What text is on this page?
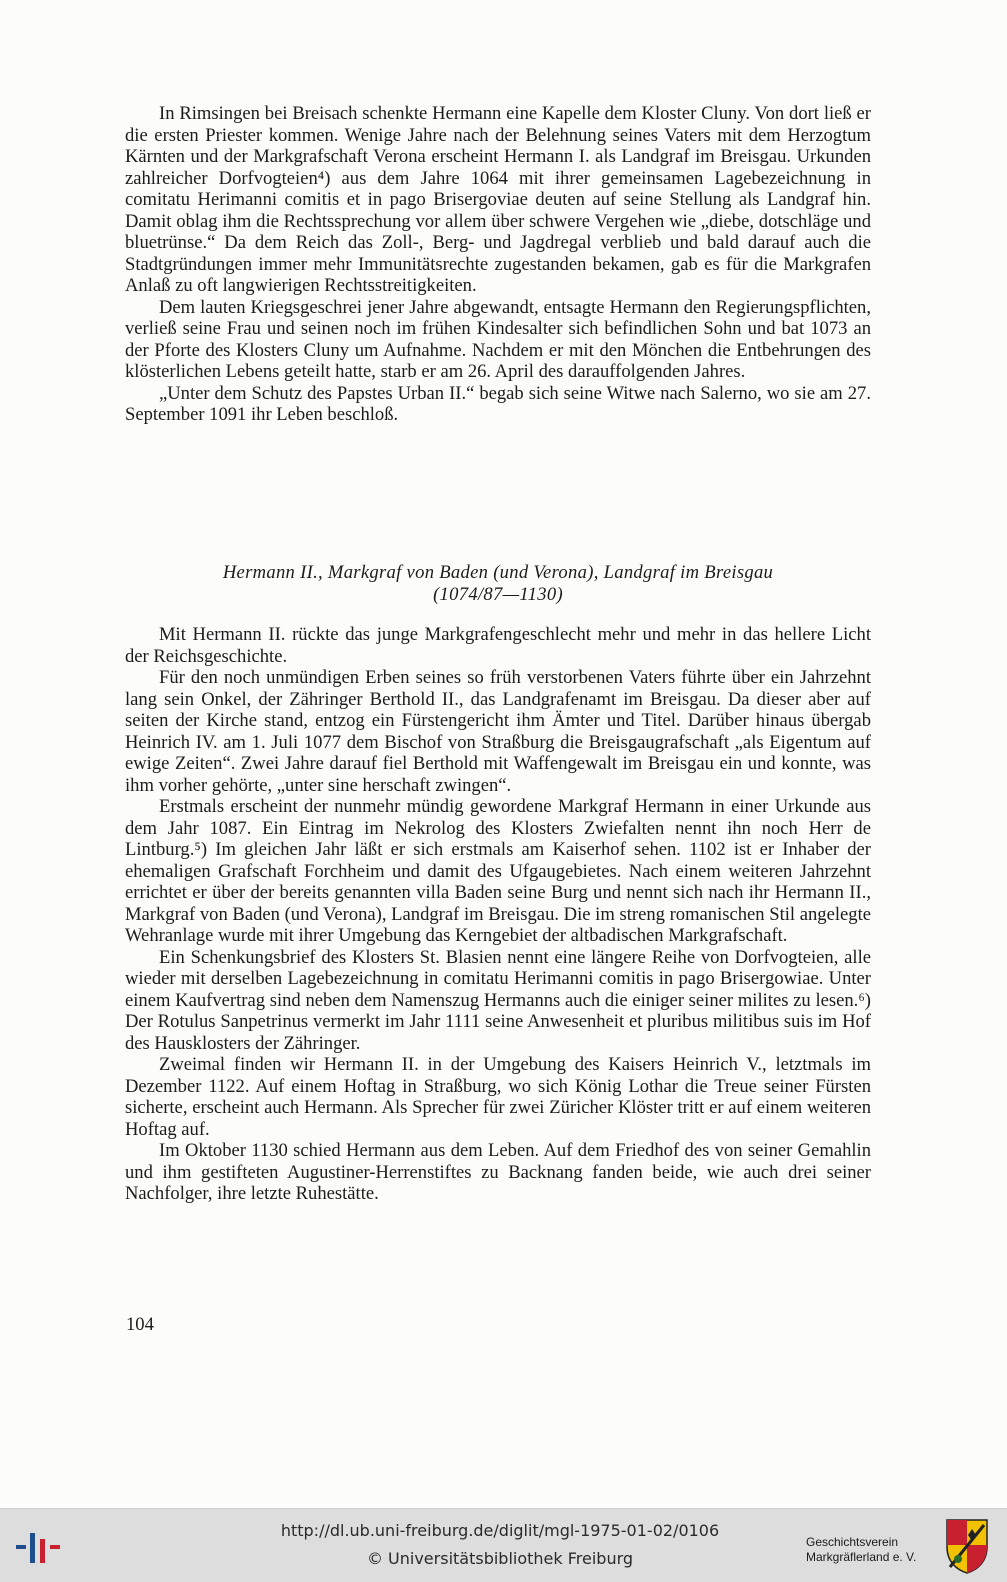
In Rimsingen bei Breisach schenkte Hermann eine Kapelle dem Kloster Cluny. Von dort ließ er die ersten Priester kommen. Wenige Jahre nach der Belehnung seines Vaters mit dem Herzogtum Kärnten und der Markgrafschaft Verona erscheint Hermann I. als Landgraf im Breisgau. Urkunden zahlreicher Dorfvogteien⁴) aus dem Jahre 1064 mit ihrer gemeinsamen Lagebezeichnung in comitatu Herimanni comitis et in pago Brisergoviae deuten auf seine Stellung als Landgraf hin. Damit oblag ihm die Rechtssprechung vor allem über schwere Vergehen wie „diebe, dotschläge und bluetrünse.“ Da dem Reich das Zoll-, Berg- und Jagdregal verblieb und bald darauf auch die Stadtgründungen immer mehr Immunitätsrechte zugestanden bekamen, gab es für die Markgrafen Anlaß zu oft langwierigen Rechtsstreitigkeiten.

Dem lauten Kriegsgeschrei jener Jahre abgewandt, entsagte Hermann den Regierungspflichten, verließ seine Frau und seinen noch im frühen Kindesalter sich befindlichen Sohn und bat 1073 an der Pforte des Klosters Cluny um Aufnahme. Nachdem er mit den Mönchen die Entbehrungen des klösterlichen Lebens geteilt hatte, starb er am 26. April des darauffolgenden Jahres.

„Unter dem Schutz des Papstes Urban II.“ begab sich seine Witwe nach Salerno, wo sie am 27. September 1091 ihr Leben beschloß.

Hermann II., Markgraf von Baden (und Verona), Landgraf im Breisgau
(1074/87—1130)

Mit Hermann II. rückte das junge Markgrafengeschlecht mehr und mehr in das hellere Licht der Reichsgeschichte.

Für den noch unmündigen Erben seines so früh verstorbenen Vaters führte über ein Jahrzehnt lang sein Onkel, der Zähringer Berthold II., das Landgrafenamt im Breisgau. Da dieser aber auf seiten der Kirche stand, entzog ein Fürstengericht ihm Ämter und Titel. Darüber hinaus übergab Heinrich IV. am 1. Juli 1077 dem Bischof von Straßburg die Breisgaugrafschaft „als Eigentum auf ewige Zeiten“. Zwei Jahre darauf fiel Berthold mit Waffengewalt im Breisgau ein und konnte, was ihm vorher gehörte, „unter sine herschaft zwingen“.

Erstmals erscheint der nunmehr mündig gewordene Markgraf Hermann in einer Urkunde aus dem Jahr 1087. Ein Eintrag im Nekrolog des Klosters Zwiefalten nennt ihn noch Herr de Lintburg.⁵) Im gleichen Jahr läßt er sich erstmals am Kaiserhof sehen. 1102 ist er Inhaber der ehemaligen Grafschaft Forchheim und damit des Ufgaugebietes. Nach einem weiteren Jahrzehnt errichtet er über der bereits genannten villa Baden seine Burg und nennt sich nach ihr Hermann II., Markgraf von Baden (und Verona), Landgraf im Breisgau. Die im streng romanischen Stil angelegte Wehranlage wurde mit ihrer Umgebung das Kerngebiet der altbadischen Markgrafschaft.

Ein Schenkungsbrief des Klosters St. Blasien nennt eine längere Reihe von Dorfvogteien, alle wieder mit derselben Lagebezeichnung in comitatu Herimanni comitis in pago Brisergowiae. Unter einem Kaufvertrag sind neben dem Namenszug Hermanns auch die einiger seiner milites zu lesen.⁶) Der Rotulus Sanpetrinus vermerkt im Jahr 1111 seine Anwesenheit et pluribus militibus suis im Hof des Hausklosters der Zähringer.

Zweimal finden wir Hermann II. in der Umgebung des Kaisers Heinrich V., letztmals im Dezember 1122. Auf einem Hoftag in Straßburg, wo sich König Lothar die Treue seiner Fürsten sicherte, erscheint auch Hermann. Als Sprecher für zwei Züricher Klöster tritt er auf einem weiteren Hoftag auf.

Im Oktober 1130 schied Hermann aus dem Leben. Auf dem Friedhof des von seiner Gemahlin und ihm gestifteten Augustiner-Herrenstiftes zu Backnang fanden beide, wie auch drei seiner Nachfolger, ihre letzte Ruhestätte.

104
http://dl.ub.uni-freiburg.de/diglit/mgl-1975-01-02/0106
© Universitätsbibliothek Freiburg
Geschichtsverein
Markgräflerland e. V.
